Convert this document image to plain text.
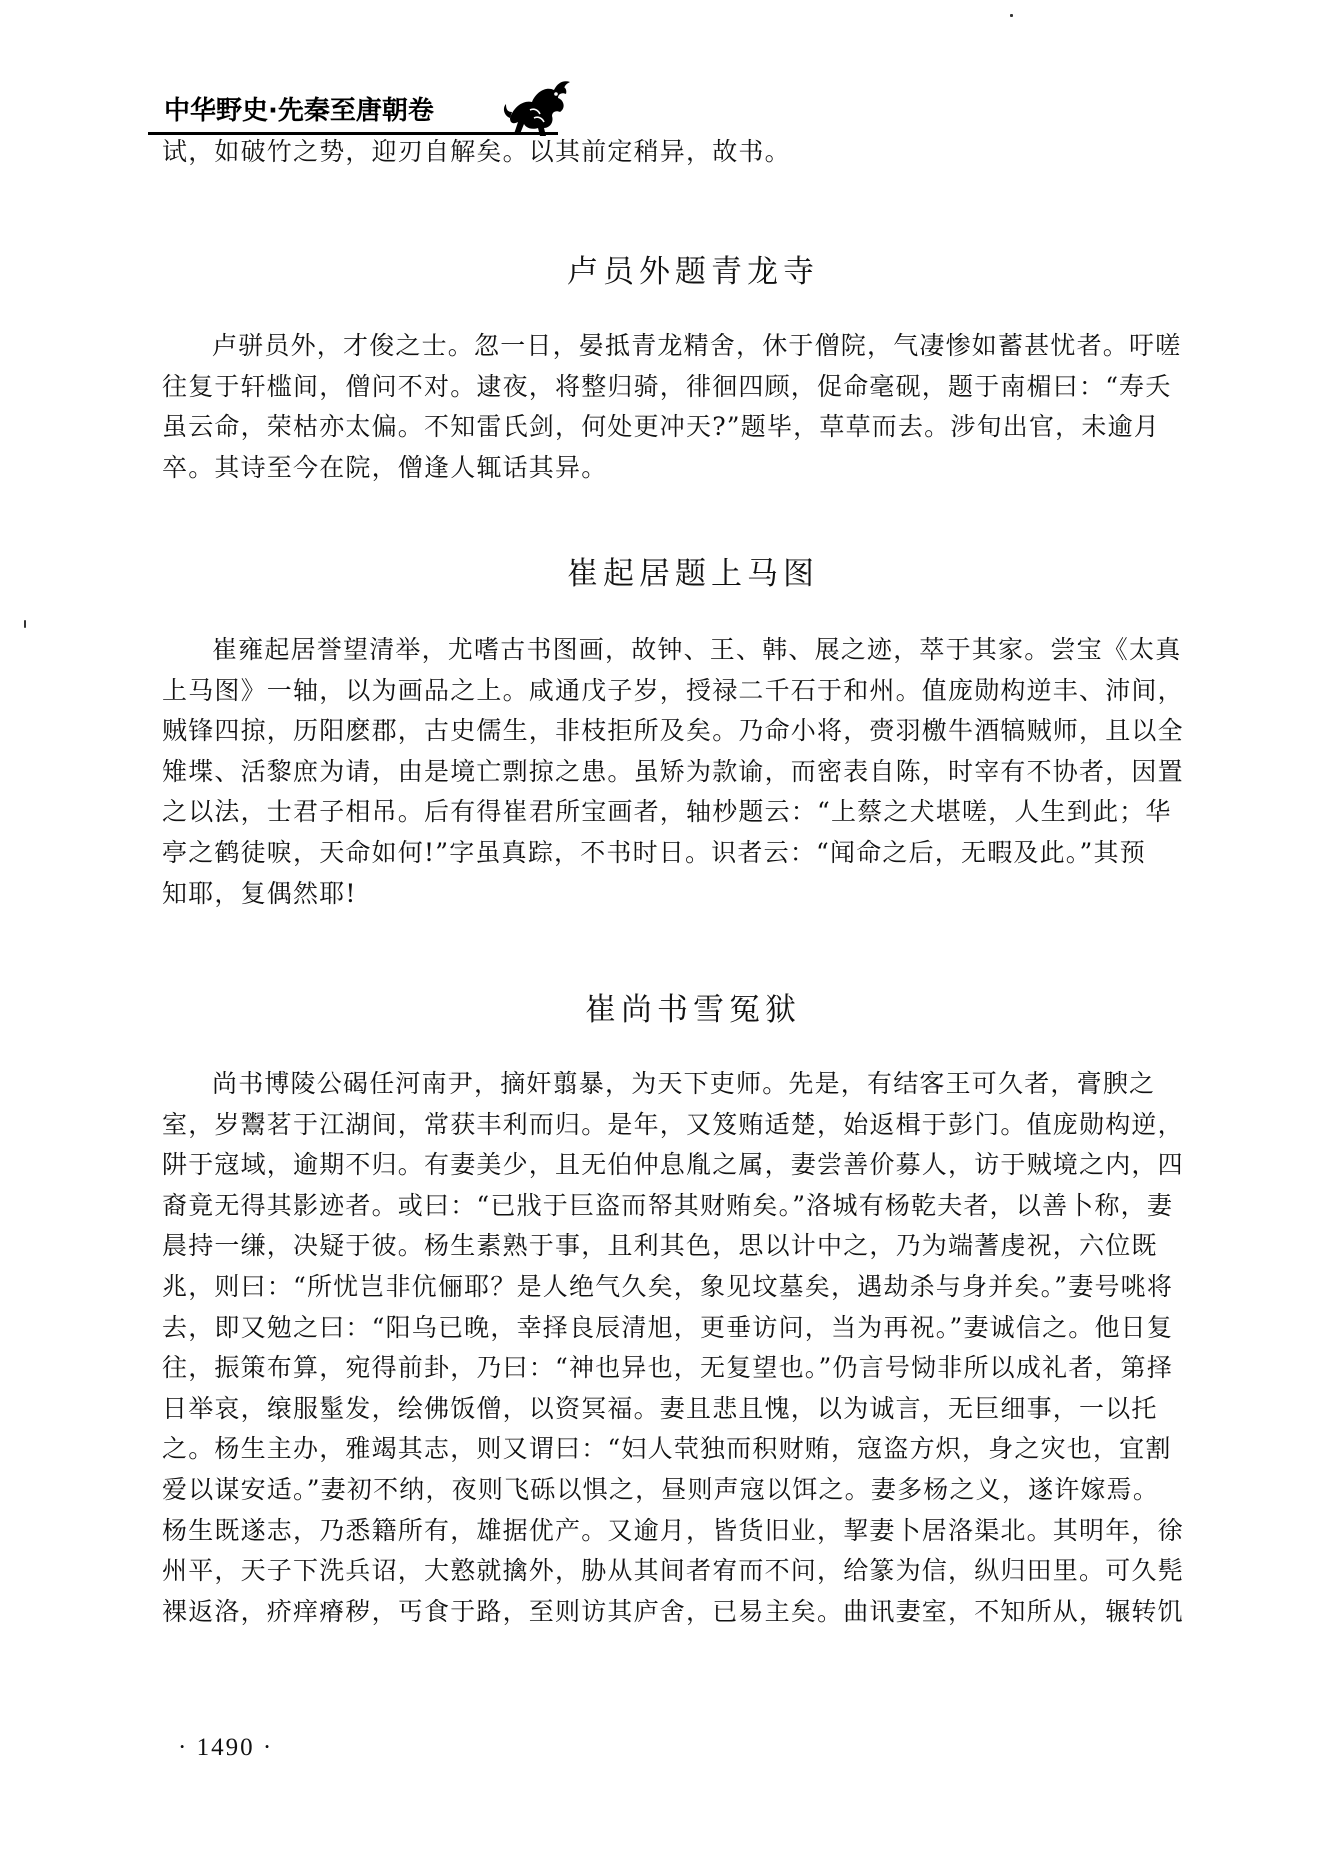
中华野史·先秦至唐朝卷
试，如破竹之势，迎刃自解矣。以其前定稍异，故书。
卢员外题青龙寺
卢骈员外，才俊之士。忽一日，晏抵青龙精舍，休于僧院，气凄惨如蓄甚忧者。吁嗟
往复于轩槛间，僧问不对。逮夜，将整归骑，徘徊四顾，促命毫砚，题于南楣曰：“寿夭
虽云命，荣枯亦太偏。不知雷氏剑，何处更冲天?”题毕，草草而去。涉旬出官，未逾月
卒。其诗至今在院，僧逢人辄话其异。
崔起居题上马图
崔雍起居誉望清举，尤嗜古书图画，故钟、王、韩、展之迹，萃于其家。尝宝《太真
上马图》一轴，以为画品之上。咸通戊子岁，授禄二千石于和州。值庞勋构逆丰、沛间，
贼锋四掠，历阳麽郡，古史儒生，非枝拒所及矣。乃命小将，赍羽檄牛酒犒贼师，且以全
雉堞、活黎庶为请，由是境亡剽掠之患。虽矫为款谕，而密表自陈，时宰有不协者，因置
之以法，士君子相吊。后有得崔君所宝画者，轴杪题云：“上蔡之犬堪嗟，人生到此；华
亭之鹤徒唳，天命如何!”字虽真踪，不书时日。识者云：“闻命之后，无暇及此。”其预
知耶，复偶然耶!
崔尚书雪冤狱
尚书博陵公碣任河南尹，摘奸翦暴，为天下吏师。先是，有结客王可久者，膏腴之
室，岁鬻茗于江湖间，常获丰利而归。是年，又笈贿适楚，始返楫于彭门。值庞勋构逆，
阱于寇域，逾期不归。有妻美少，且无伯仲息胤之属，妻尝善价募人，访于贼境之内，四
裔竟无得其影迹者。或曰：“已戕于巨盗而帑其财贿矣。”洛城有杨乾夫者，以善卜称，妻
晨持一缣，决疑于彼。杨生素熟于事，且利其色，思以计中之，乃为端蓍虔祝，六位既
兆，则曰：“所忧岂非伉俪耶？是人绝气久矣，象见坟墓矣，遇劫杀与身并矣。”妻号咷将
去，即又勉之曰：“阳乌已晚，幸择良辰清旭，更垂访问，当为再祝。”妻诚信之。他日复
往，振策布算，宛得前卦，乃曰：“神也异也，无复望也。”仍言号恸非所以成礼者，第择
日举哀，缞服髽发，绘佛饭僧，以资冥福。妻且悲且愧，以为诚言，无巨细事，一以托
之。杨生主办，雅竭其志，则又谓曰：“妇人茕独而积财贿，寇盗方炽，身之灾也，宜割
爱以谋安适。”妻初不纳，夜则飞砾以惧之，昼则声寇以饵之。妻多杨之义，遂许嫁焉。
杨生既遂志，乃悉籍所有，雄据优产。又逾月，皆货旧业，挈妻卜居洛渠北。其明年，徐
州平，天子下洗兵诏，大憝就擒外，胁从其间者宥而不问，给篆为信，纵归田里。可久髡
裸返洛，疥痒瘠秽，丐食于路，至则访其庐舍，已易主矣。曲讯妻室，不知所从，辗转饥
· 1490 ·
